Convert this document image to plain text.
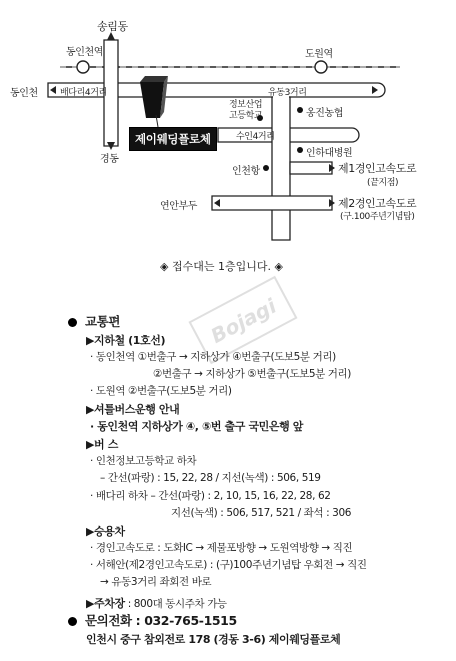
송림동
동인천역	도원역
동인천 배다리4거리	유동3거리
경동
정보산업
고등학교	옹진농협
수인4거리
인하대병원
인천항	제1경인고속도로
(끝지점)
연안부두	제2경인고속도로
(구.100주년기념탑)
제이웨딩플로체
◈ 접수대는 1층입니다. ◈
Bojagi
교통편
▶지하철 (1호선)
· 동인천역 ①번출구 → 지하상가 ④번출구(도보5분 거리)
②번출구 → 지하상가 ⑤번출구(도보5분 거리)
· 도원역 ②번출구(도보5분 거리)
▶셔틀버스운행 안내
· 동인천역 지하상가 ④, ⑤번 출구 국민은행 앞
▶버 스
· 인천정보고등학교 하차
– 간선(파랑) : 15, 22, 28 / 지선(녹색) : 506, 519
· 배다리 하차 – 간선(파랑) : 2, 10, 15, 16, 22, 28, 62
지선(녹색) : 506, 517, 521 / 좌석 : 306
▶승용차
· 경인고속도로 : 도화IC → 제물포방향 → 도원역방향 → 직진
· 서해안(제2경인고속도로) : (구)100주년기념탑 우회전 → 직진
→ 유동3거리 좌회전 바로
▶주차장 : 800대 동시주차 가능
문의전화 : 032-765-1515
인천시 중구 참외전로 178 (경동 3-6) 제이웨딩플로체
